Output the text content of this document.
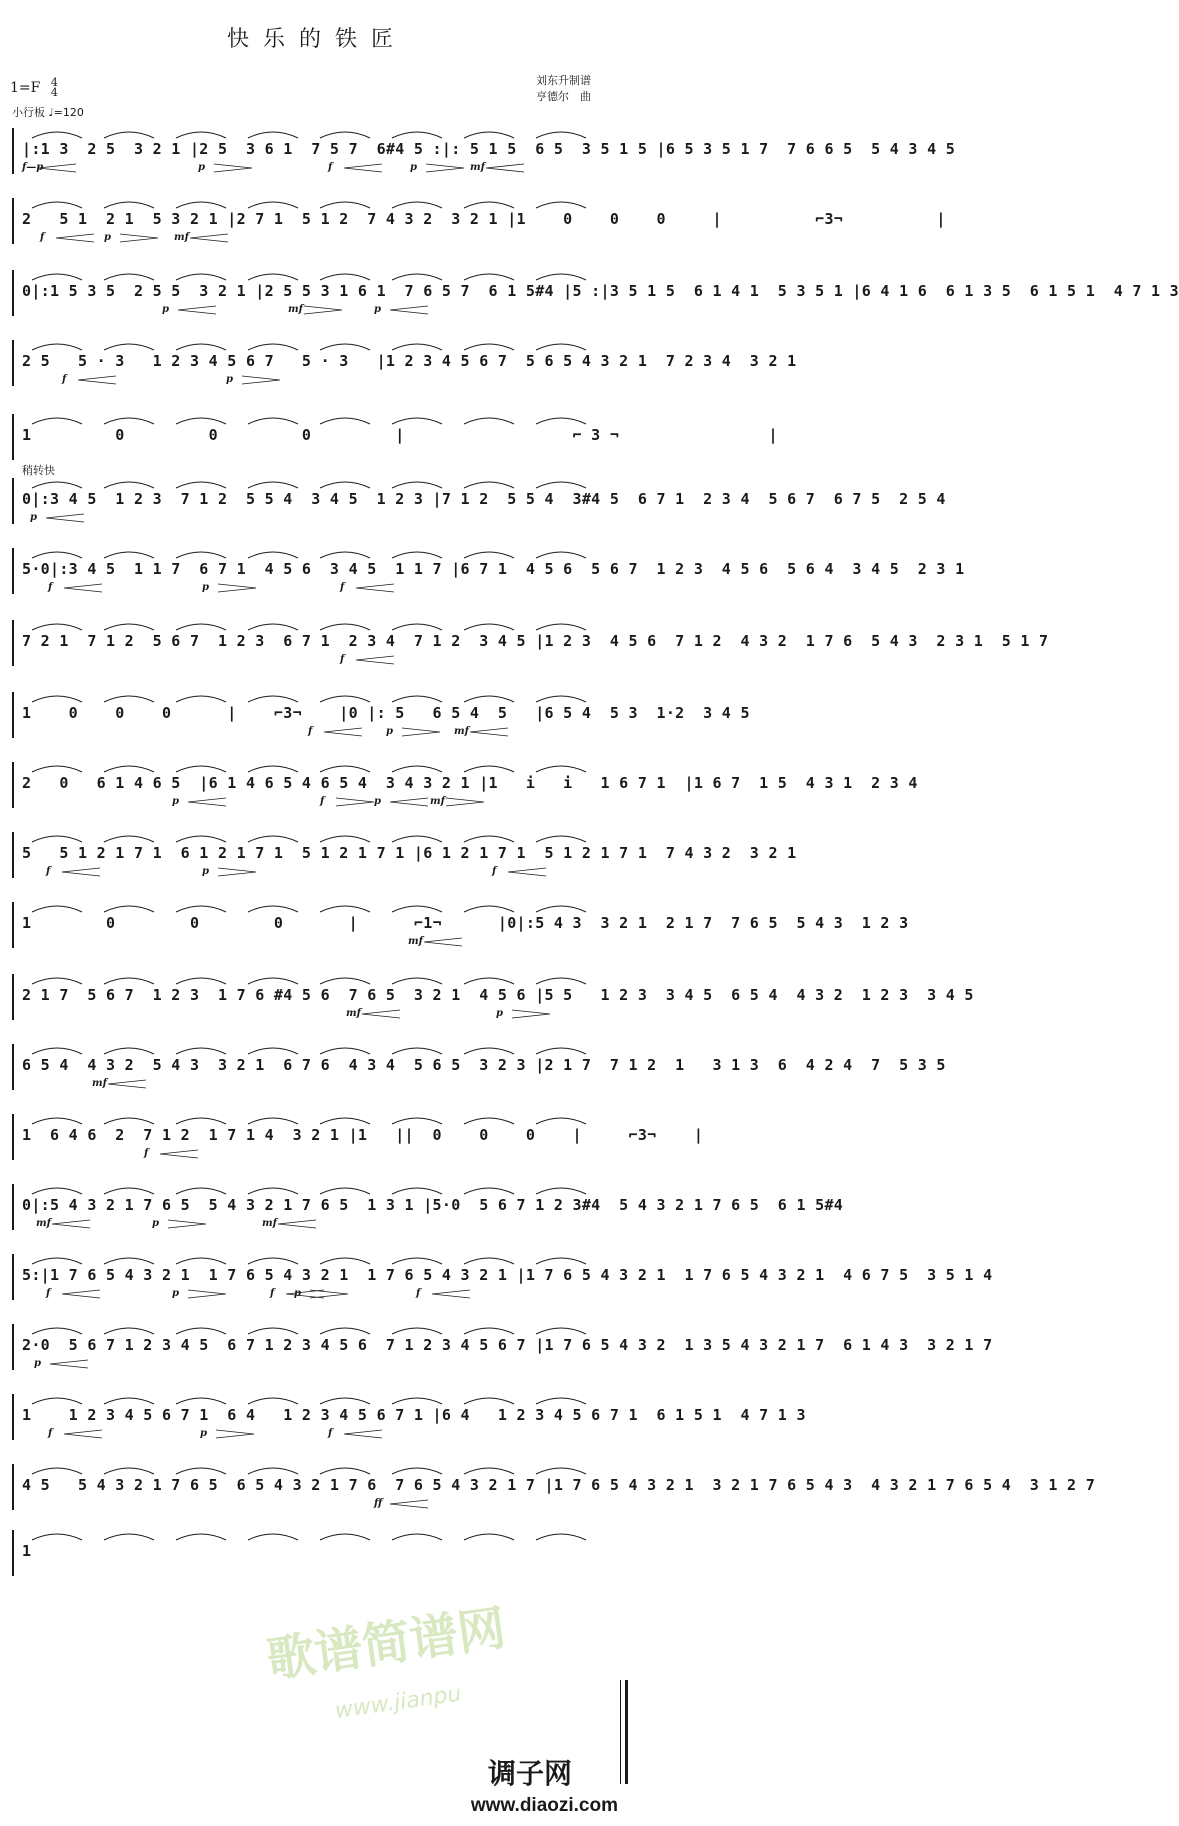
快乐的铁匠
1=F 4
4
小行板 ♩=120
刘东升制谱
亨德尔　曲
|:1 3  2 5  3 2 1 |2 5  3 6 1  7 5 7  6#4 5 :|: 5 1 5  6 5  3 5 1 5 |6 5 3 5 1 7  7 6 6 5  5 4 3 4 5
f—p	p	f	p	mf
2   5 1  2 1  5 3 2 1 |2 7 1  5 1 2  7 4 3 2  3 2 1 |1    0    0    0     |          ⌐3¬          |
f	p	mf
0|:1 5 3 5  2 5 5  3 2 1 |2 5 5 3 1 6 1  7 6 5 7  6 1 5#4 |5 :|3 5 1 5  6 1 4 1  5 3 5 1 |6 4 1 6  6 1 3 5  6 1 5 1  4 7 1 3
p	mf	p
2 5   5 · 3   1 2 3 4 5 6 7   5 · 3   |1 2 3 4 5 6 7  5 6 5 4 3 2 1  7 2 3 4  3 2 1
f	p
1         0         0         0         |                  ⌐ 3 ¬                |
稍转快
0|:3 4 5  1 2 3  7 1 2  5 5 4  3 4 5  1 2 3 |7 1 2  5 5 4  3#4 5  6 7 1  2 3 4  5 6 7  6 7 5  2 5 4
p
5·0|:3 4 5  1 1 7  6 7 1  4 5 6  3 4 5  1 1 7 |6 7 1  4 5 6  5 6 7  1 2 3  4 5 6  5 6 4  3 4 5  2 3 1
f	p	f
7 2 1  7 1 2  5 6 7  1 2 3  6 7 1  2 3 4  7 1 2  3 4 5 |1 2 3  4 5 6  7 1 2  4 3 2  1 7 6  5 4 3  2 3 1  5 1 7
f
1    0    0    0      |    ⌐3¬    |0 |: 5   6 5 4  5   |6 5 4  5 3  1·2  3 4 5
f	p	mf
2   0   6 1 4 6 5  |6 1 4 6 5 4 6 5 4  3 4 3 2 1 |1   i   i   1 6 7 1  |1 6 7  1 5  4 3 1  2 3 4
p	f	p	mf
5   5 1 2 1 7 1  6 1 2 1 7 1  5 1 2 1 7 1 |6 1 2 1 7 1  5 1 2 1 7 1  7 4 3 2  3 2 1
f	p	f
1        0        0        0       |      ⌐1¬      |0|:5 4 3  3 2 1  2 1 7  7 6 5  5 4 3  1 2 3
mf
2 1 7  5 6 7  1 2 3  1 7 6 #4 5 6  7 6 5  3 2 1  4 5 6 |5 5   1 2 3  3 4 5  6 5 4  4 3 2  1 2 3  3 4 5
mf	p
6 5 4  4 3 2  5 4 3  3 2 1  6 7 6  4 3 4  5 6 5  3 2 3 |2 1 7  7 1 2  1   3 1 3  6  4 2 4  7  5 3 5
mf
1  6 4 6  2  7 1 2  1 7 1 4  3 2 1 |1   ||  0    0    0    |     ⌐3¬    |
f
0|:5 4 3 2 1 7 6 5  5 4 3 2 1 7 6 5  1 3 1 |5·0  5 6 7 1 2 3#4  5 4 3 2 1 7 6 5  6 1 5#4
mf	p	mf
5:|1 7 6 5 4 3 2 1  1 7 6 5 4 3 2 1  1 7 6 5 4 3 2 1 |1 7 6 5 4 3 2 1  1 7 6 5 4 3 2 1  4 6 7 5  3 5 1 4
f	p	f p	f
2·0  5 6 7 1 2 3 4 5  6 7 1 2 3 4 5 6  7 1 2 3 4 5 6 7 |1 7 6 5 4 3 2  1 3 5 4 3 2 1 7  6 1 4 3  3 2 1 7
p
1    1 2 3 4 5 6 7 1  6 4   1 2 3 4 5 6 7 1 |6 4   1 2 3 4 5 6 7 1  6 1 5 1  4 7 1 3
f	p	f
4 5   5 4 3 2 1 7 6 5  6 5 4 3 2 1 7 6  7 6 5 4 3 2 1 7 |1 7 6 5 4 3 2 1  3 2 1 7 6 5 4 3  4 3 2 1 7 6 5 4  3 1 2 7
ff
1
歌谱简谱网
www.jianpu
调子网
www.diaozi.com
